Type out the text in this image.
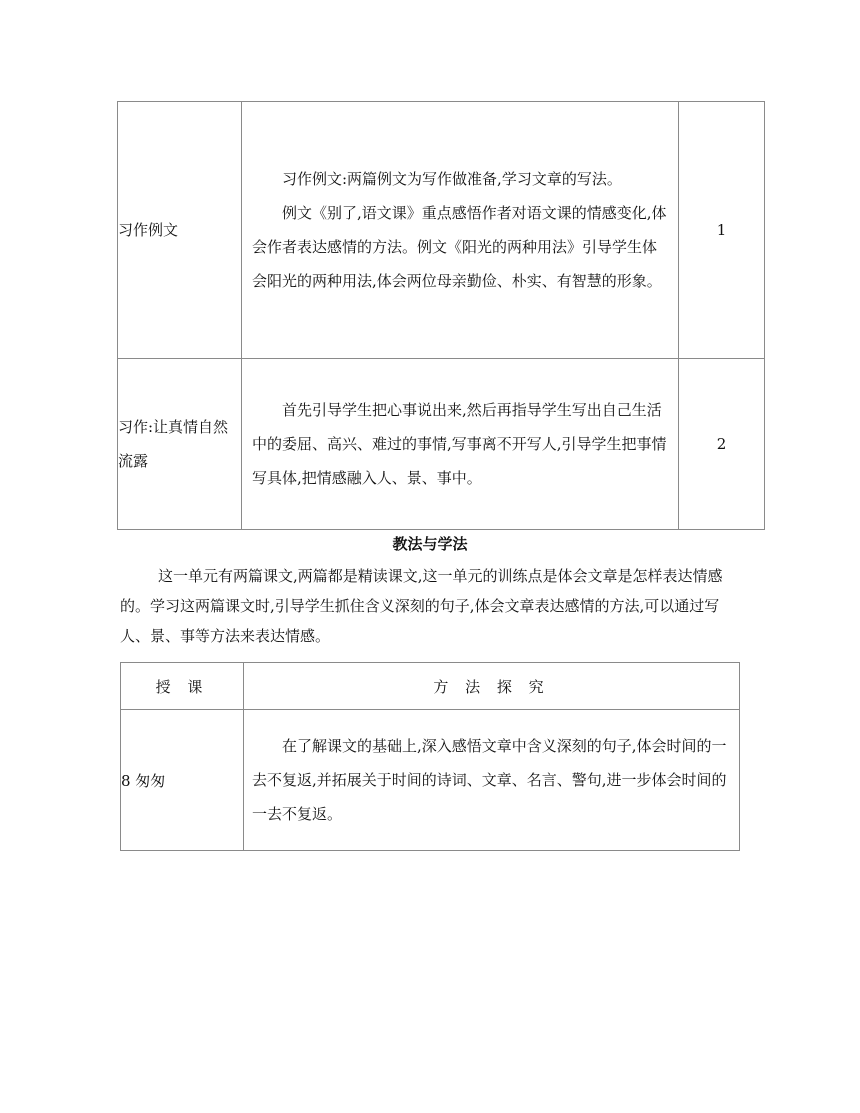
习作例文	习作例文:两篇例文为写作做准备,学习文章的写法。

例文《别了,语文课》重点感悟作者对语文课的情感变化,体会作者表达感情的方法。例文《阳光的两种用法》引导学生体会阳光的两种用法,体会两位母亲勤俭、朴实、有智慧的形象。	1
习作:让真情自然流露	首先引导学生把心事说出来,然后再指导学生写出自己生活中的委屈、高兴、难过的事情,写事离不开写人,引导学生把事情写具体,把情感融入人、景、事中。	2
教法与学法

这一单元有两篇课文,两篇都是精读课文,这一单元的训练点是体会文章是怎样表达情感的。学习这两篇课文时,引导学生抓住含义深刻的句子,体会文章表达感情的方法,可以通过写人、景、事等方法来表达情感。

授 课	方 法 探 究
8 匆匆	在了解课文的基础上,深入感悟文章中含义深刻的句子,体会时间的一去不复返,并拓展关于时间的诗词、文章、名言、警句,进一步体会时间的一去不复返。
